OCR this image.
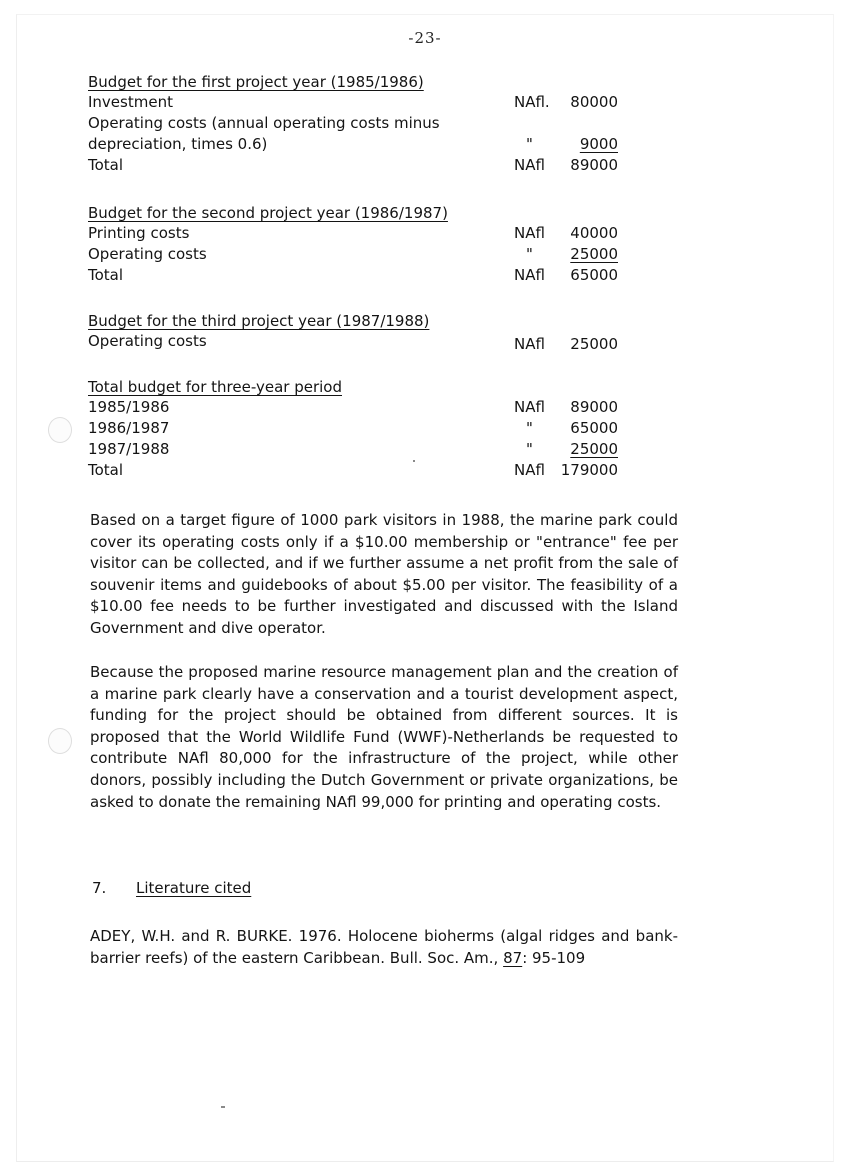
-23-
Budget for the first project year (1985/1986)
Investment	NAfl. 80000
Operating costs (annual operating costs minus
depreciation, times 0.6)	"	9000
Total	NAfl 89000
Budget for the second project year (1986/1987)
Printing costs	NAfl 40000
Operating costs	" 25000
Total	NAfl 65000
Budget for the third project year (1987/1988)
Operating costs	NAfl 25000
Total budget for three-year period
1985/1986	NAfl 89000
1986/1987	" 65000
1987/1988	" 25000
Total	NAfl 179000

Based on a target figure of 1000 park visitors in 1988, the marine park could cover its operating costs only if a $10.00 membership or "entrance" fee per visitor can be collected, and if we further assume a net profit from the sale of souvenir items and guidebooks of about $5.00 per visitor. The feasibility of a $10.00 fee needs to be further investigated and discussed with the Island Government and dive operator.

Because the proposed marine resource management plan and the creation of a marine park clearly have a conservation and a tourist development aspect, funding for the project should be obtained from different sources. It is proposed that the World Wildlife Fund (WWF)-Netherlands be requested to contribute NAfl 80,000 for the infrastructure of the project, while other donors, possibly including the Dutch Government or private organizations, be asked to donate the remaining NAfl 99,000 for printing and operating costs.

7. Literature cited

ADEY, W.H. and R. BURKE. 1976. Holocene bioherms (algal ridges and bank-barrier reefs) of the eastern Caribbean. Bull. Soc. Am., 87: 95-109
